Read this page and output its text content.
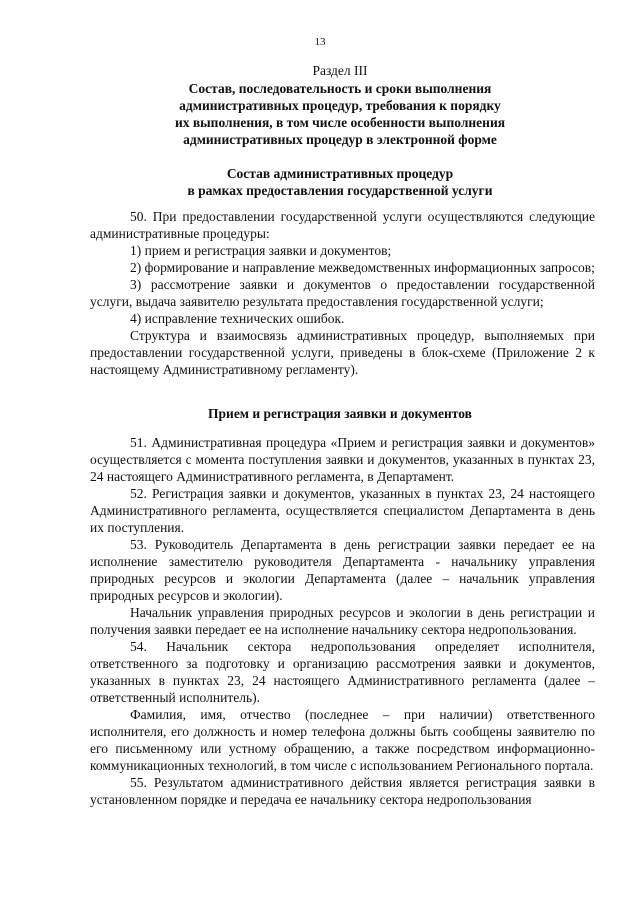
13
Раздел III
Состав, последовательность и сроки выполнения
административных процедур, требования к порядку
их выполнения, в том числе особенности выполнения
административных процедур в электронной форме
Состав административных процедур
в рамках предоставления государственной услуги

50. При предоставлении государственной услуги осуществляются следующие административные процедуры:

1) прием и регистрация заявки и документов;

2) формирование и направление межведомственных информационных запросов;

3) рассмотрение заявки и документов о предоставлении государственной услуги, выдача заявителю результата предоставления государственной услуги;

4) исправление технических ошибок.

Структура и взаимосвязь административных процедур, выполняемых при предоставлении государственной услуги, приведены в блок-схеме (Приложение 2 к настоящему Административному регламенту).

Прием и регистрация заявки и документов

51. Административная процедура «Прием и регистрация заявки и документов» осуществляется с момента поступления заявки и документов, указанных в пунктах 23, 24 настоящего Административного регламента, в Департамент.

52. Регистрация заявки и документов, указанных в пунктах 23, 24 настоящего Административного регламента, осуществляется специалистом Департамента в день их поступления.

53. Руководитель Департамента в день регистрации заявки передает ее на исполнение заместителю руководителя Департамента - начальнику управления природных ресурсов и экологии Департамента (далее – начальник управления природных ресурсов и экологии).

Начальник управления природных ресурсов и экологии в день регистрации и получения заявки передает ее на исполнение начальнику сектора недропользования.

54. Начальник сектора недропользования определяет исполнителя, ответственного за подготовку и организацию рассмотрения заявки и документов, указанных в пунктах 23, 24 настоящего Административного регламента (далее – ответственный исполнитель).

Фамилия, имя, отчество (последнее – при наличии) ответственного исполнителя, его должность и номер телефона должны быть сообщены заявителю по его письменному или устному обращению, а также посредством информационно-коммуникационных технологий, в том числе с использованием Регионального портала.

55. Результатом административного действия является регистрация заявки в установленном порядке и передача ее начальнику сектора недропользования
